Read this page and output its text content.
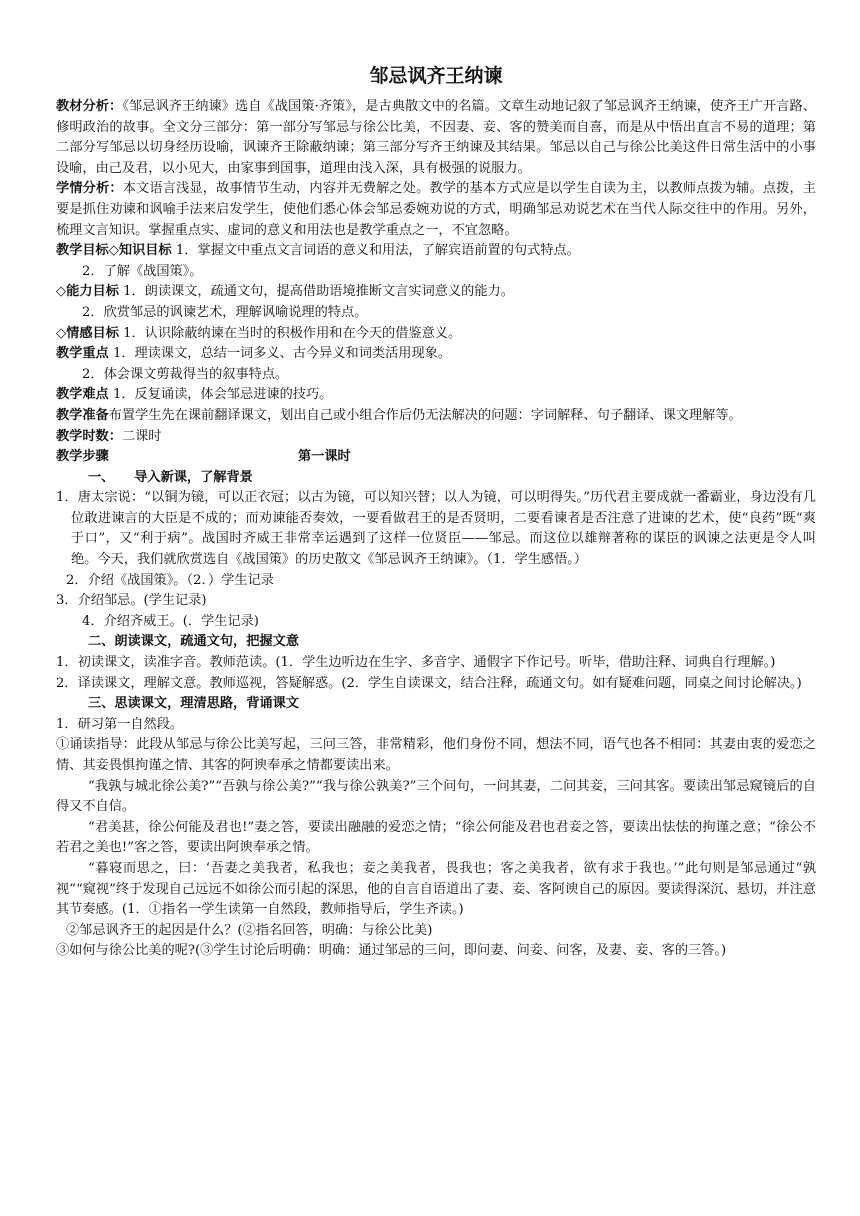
邹忌讽齐王纳谏

教材分析：《邹忌讽齐王纳谏》选自《战国策·齐策》，是古典散文中的名篇。文章生动地记叙了邹忌讽齐王纳谏，使齐王广开言路、修明政治的故事。全文分三部分：第一部分写邹忌与徐公比美，不因妻、妾、客的赞美而自喜，而是从中悟出直言不易的道理；第二部分写邹忌以切身经历设喻，讽谏齐王除蔽纳谏；第三部分写齐王纳谏及其结果。邹忌以自己与徐公比美这件日常生活中的小事设喻，由己及君，以小见大，由家事到国事，道理由浅入深，具有极强的说服力。

学情分析：本文语言浅显，故事情节生动，内容并无费解之处。教学的基本方式应是以学生自读为主，以教师点拨为辅。点拨，主要是抓住劝谏和讽喻手法来启发学生，使他们悉心体会邹忌委婉劝说的方式，明确邹忌劝说艺术在当代人际交往中的作用。另外，梳理文言知识。掌握重点实、虚词的意义和用法也是教学重点之一，不宜忽略。

教学目标◇知识目标 1．掌握文中重点文言词语的意义和用法，了解宾语前置的句式特点。

2．了解《战国策》。

◇能力目标 1．朗读课文，疏通文句，提高借助语境推断文言实词意义的能力。

2．欣赏邹忌的讽谏艺术，理解讽喻说理的特点。

◇情感目标 1．认识除蔽纳谏在当时的积极作用和在今天的借鉴意义。

教学重点 1．理读课文，总结一词多义、古今异义和词类活用现象。

2．体会课文剪裁得当的叙事特点。

教学难点 1．反复诵读，体会邹忌进谏的技巧。

教学准备布置学生先在课前翻译课文，划出自己或小组合作后仍无法解决的问题：字词解释、句子翻译、课文理解等。

教学时数：二课时

教学步骤	第一课时

一、　　导入新课，了解背景

1．唐太宗说：“以铜为镜，可以正衣冠；以古为镜，可以知兴替；以人为镜，可以明得失。”历代君主要成就一番霸业，身边没有几位敢进谏言的大臣是不成的；而劝谏能否奏效，一要看做君王的是否贤明，二要看谏者是否注意了进谏的艺术，使“良药”既“爽于口”，又“利于病”。战国时齐威王非常幸运遇到了这样一位贤臣——邹忌。而这位以雄辩著称的谋臣的讽谏之法更是令人叫绝。今天，我们就欣赏选自《战国策》的历史散文《邹忌讽齐王纳谏》。（1．学生感悟。）

2．介绍《战国策》。（2．）学生记录

3．介绍邹忌。(学生记录)

4．介绍齐威王。(．学生记录)

二、朗读课文，疏通文句，把握文意

1．初读课文，读准字音。教师范读。(1．学生边听边在生字、多音字、通假字下作记号。听毕，借助注释、词典自行理解。)

2．译读课文，理解文意。教师巡视，答疑解惑。(2．学生自读课文，结合注释，疏通文句。如有疑难问题，同桌之间讨论解决。)

三、思读课文，理清思路，背诵课文

1．研习第一自然段。

①诵读指导：此段从邹忌与徐公比美写起，三问三答，非常精彩，他们身份不同，想法不同，语气也各不相同：其妻由衷的爱恋之情、其妾畏惧拘谨之情、其客的阿谀奉承之情都要读出来。

“我孰与城北徐公美?”“吾孰与徐公美?”“我与徐公孰美?”三个问句，一问其妻，二问其妾，三问其客。要读出邹忌窥镜后的自得又不自信。

“君美甚，徐公何能及君也!”妻之答，要读出融融的爱恋之情；“徐公何能及君也君妾之答，要读出怯怯的拘谨之意；“徐公不若君之美也!”客之答，要读出阿谀奉承之情。

“暮寝而思之，曰：‘吾妻之美我者，私我也；妾之美我者，畏我也；客之美我者，欲有求于我也。’”此句则是邹忌通过“孰视”“窥视”终于发现自己远远不如徐公而引起的深思，他的自言自语道出了妻、妾、客阿谀自己的原因。要读得深沉、悬切，并注意其节奏感。(1．①指名一学生读第一自然段，教师指导后，学生齐读。)

②邹忌讽齐王的起因是什么？(②指名回答，明确：与徐公比美)

③如何与徐公比美的呢?(③学生讨论后明确：明确：通过邹忌的三问，即问妻、问妾、问客，及妻、妾、客的三答。)
